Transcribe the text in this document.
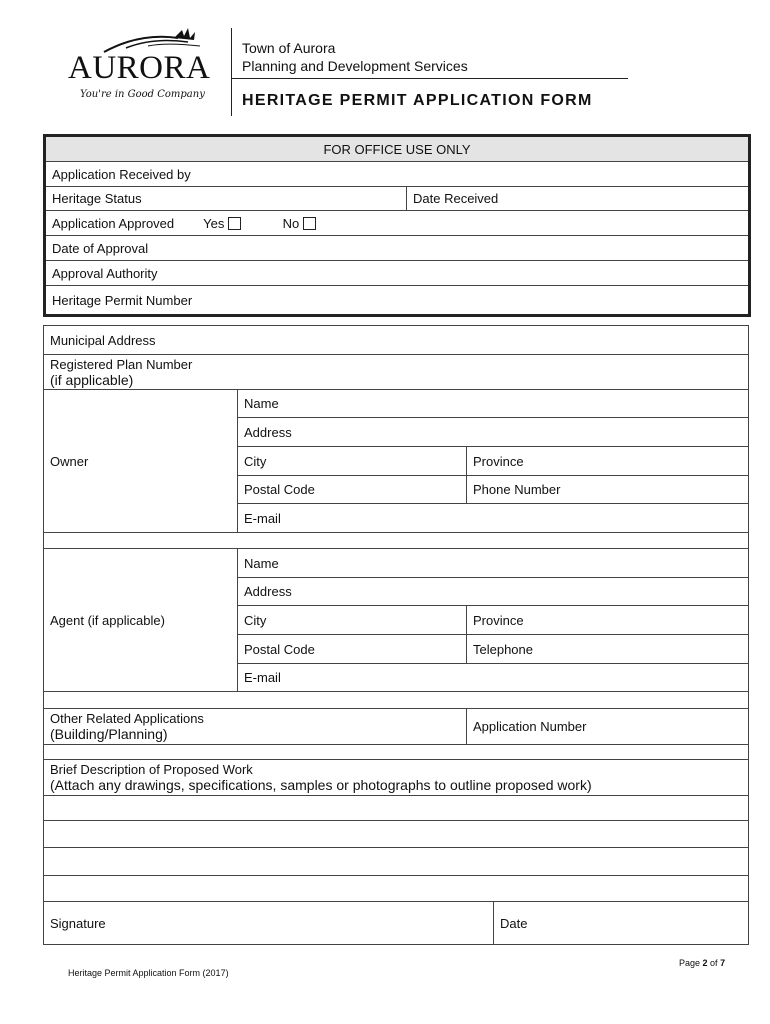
AURORA
You're in Good Company
Town of Aurora
Planning and Development Services
HERITAGE PERMIT APPLICATION FORM
FOR OFFICE USE ONLY
Application Received by
Heritage Status	Date Received
Application Approved Yes	No
Date of Approval
Approval Authority
Heritage Permit Number
Municipal Address			

Registered Plan Number
(if applicable)			

Owner	Name		
	Address		
	City	Province	
	Postal Code	Phone Number	
	E-mail		

Agent (if applicable)	Name		
	Address		
	City	Province	
	Postal Code	Telephone	
	E-mail		

Other Related Applications
(Building/Planning)		Application Number	

Brief Description of Proposed Work
(Attach any drawings, specifications, samples or photographs to outline proposed work)			

Signature			Date
Heritage Permit Application Form (2017)
Page 2 of 7
